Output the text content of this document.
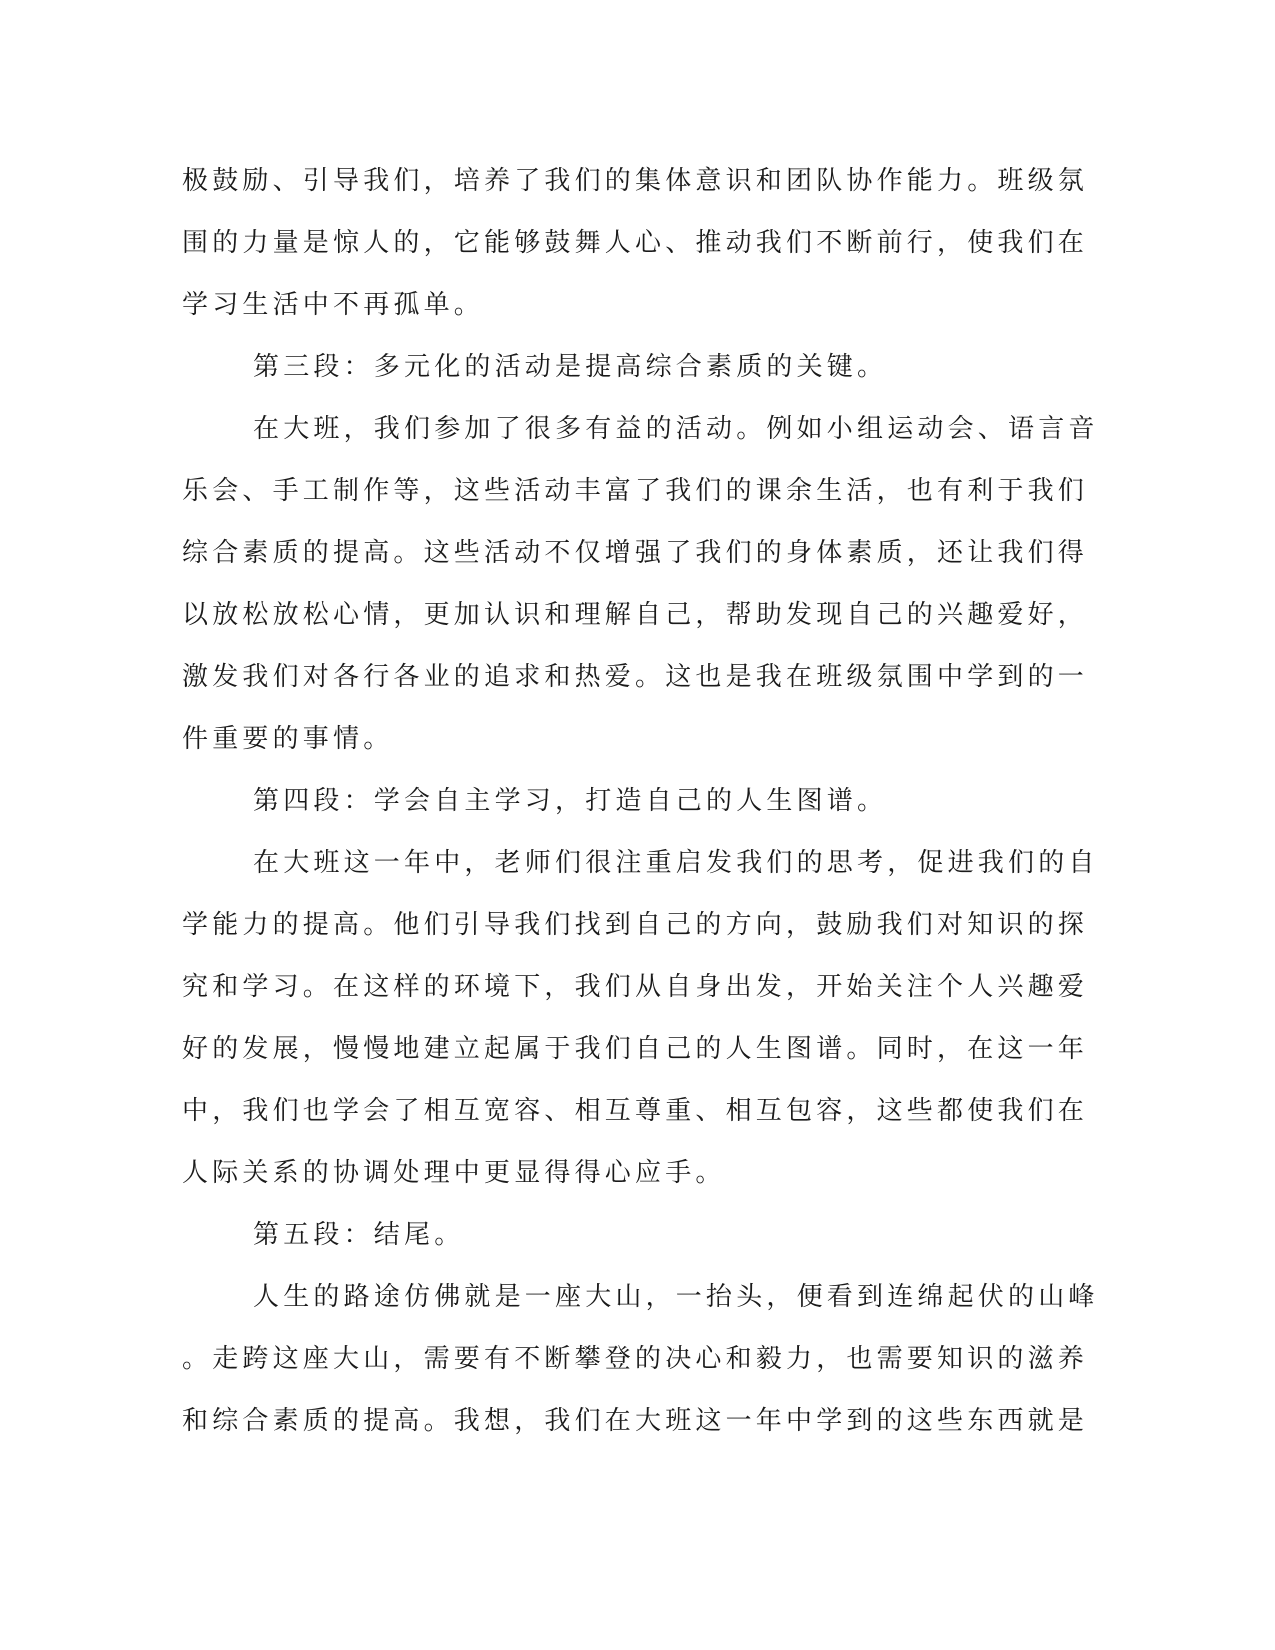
极鼓励、引导我们，培养了我们的集体意识和团队协作能力。班级氛
围的力量是惊人的，它能够鼓舞人心、推动我们不断前行，使我们在
学习生活中不再孤单。
第三段：多元化的活动是提高综合素质的关键。
在大班，我们参加了很多有益的活动。例如小组运动会、语言音
乐会、手工制作等，这些活动丰富了我们的课余生活，也有利于我们
综合素质的提高。这些活动不仅增强了我们的身体素质，还让我们得
以放松放松心情，更加认识和理解自己，帮助发现自己的兴趣爱好，
激发我们对各行各业的追求和热爱。这也是我在班级氛围中学到的一
件重要的事情。
第四段：学会自主学习，打造自己的人生图谱。
在大班这一年中，老师们很注重启发我们的思考，促进我们的自
学能力的提高。他们引导我们找到自己的方向，鼓励我们对知识的探
究和学习。在这样的环境下，我们从自身出发，开始关注个人兴趣爱
好的发展，慢慢地建立起属于我们自己的人生图谱。同时，在这一年
中，我们也学会了相互宽容、相互尊重、相互包容，这些都使我们在
人际关系的协调处理中更显得得心应手。
第五段：结尾。
人生的路途仿佛就是一座大山，一抬头，便看到连绵起伏的山峰
。走跨这座大山，需要有不断攀登的决心和毅力，也需要知识的滋养
和综合素质的提高。我想，我们在大班这一年中学到的这些东西就是
